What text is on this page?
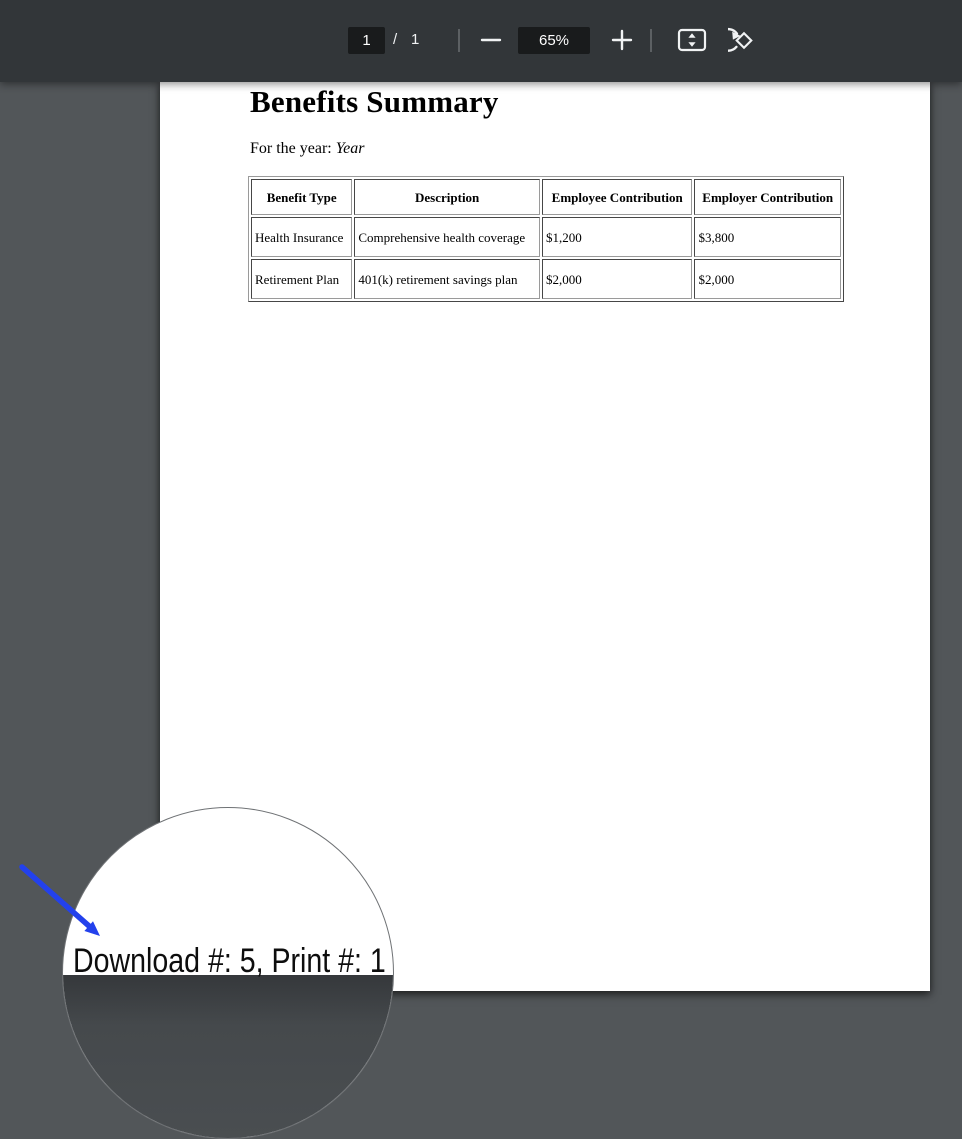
1
/ 1	65%
Benefits Summary

For the year: Year

Benefit Type	Description	Employee Contribution	Employer Contribution
Health Insurance	Comprehensive health coverage	$1,200	$3,800
Retirement Plan	401(k) retirement savings plan	$2,000	$2,000
Download #: 5, Print #: 1
